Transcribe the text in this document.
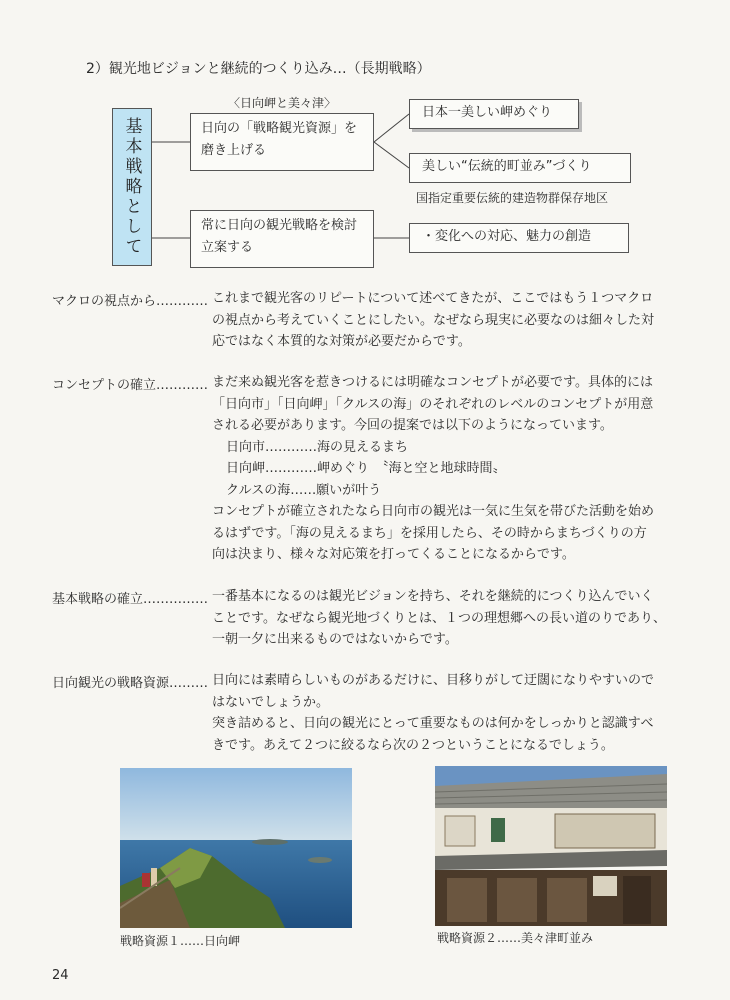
2）観光地ビジョンと継続的つくり込み…（長期戦略）
〈日向岬と美々津〉
基本戦略として	日向の「戦略観光資源」を磨き上げる
常に日向の観光戦略を検討立案する
日本一美しい岬めぐり
美しい“伝統的町並み”づくり
国指定重要伝統的建造物群保存地区
・変化への対応、魅力の創造
マクロの視点から………… これまで観光客のリピートについて述べてきたが、ここではもう１つマクロ
の視点から考えていくことにしたい。なぜなら現実に必要なのは細々した対
応ではなく本質的な対策が必要だからです。
コンセプトの確立………… まだ来ぬ観光客を惹きつけるには明確なコンセプトが必要です。具体的には
「日向市」「日向岬」「クルスの海」のそれぞれのレベルのコンセプトが用意
される必要があります。今回の提案では以下のようになっています。
日向市…………海の見えるまち
日向岬…………岬めぐり　〝海と空と地球時間〟
クルスの海……願いが叶う
コンセプトが確立されたなら日向市の観光は一気に生気を帯びた活動を始め
るはずです。「海の見えるまち」を採用したら、その時からまちづくりの方
向は決まり、様々な対応策を打ってくることになるからです。
基本戦略の確立…………… 一番基本になるのは観光ビジョンを持ち、それを継続的につくり込んでいく
ことです。なぜなら観光地づくりとは、１つの理想郷への長い道のりであり、
一朝一夕に出来るものではないからです。
日向観光の戦略資源……… 日向には素晴らしいものがあるだけに、目移りがして迂闊になりやすいので
はないでしょうか。
突き詰めると、日向の観光にとって重要なものは何かをしっかりと認識すべ
きです。あえて２つに絞るなら次の２つということになるでしょう。
戦略資源１……日向岬	戦略資源２……美々津町並み
24
